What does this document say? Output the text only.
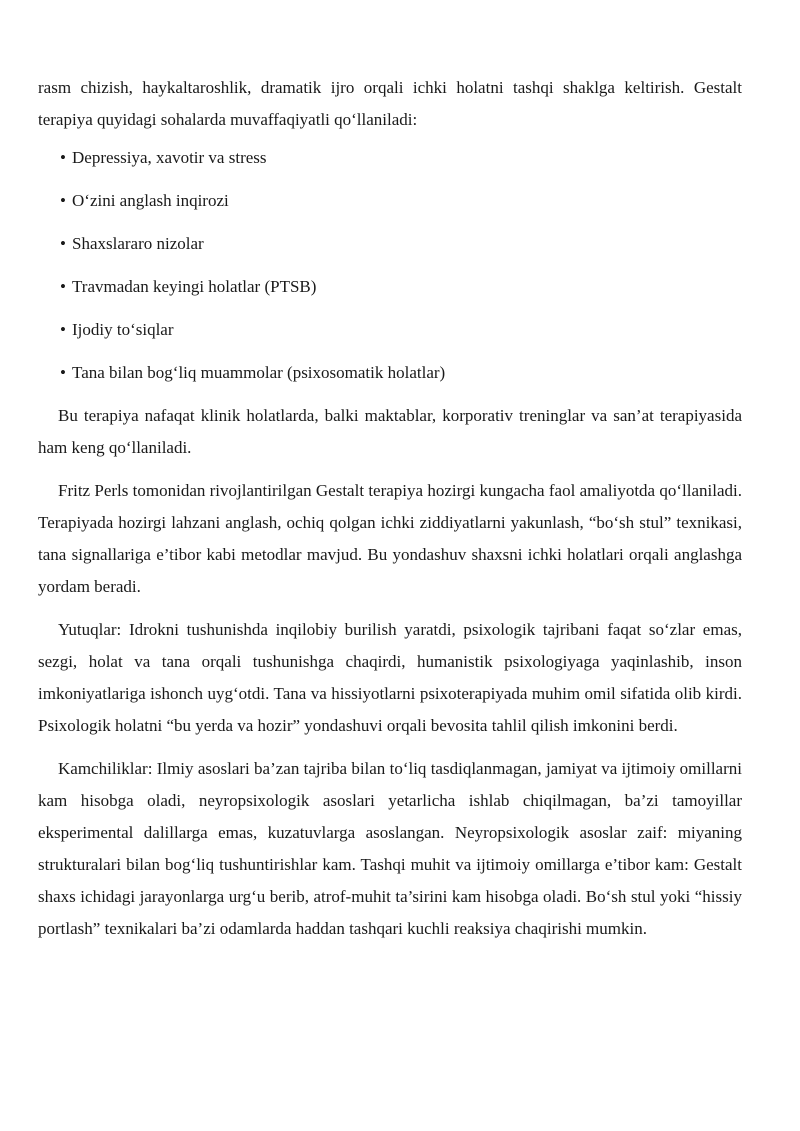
rasm chizish, haykaltaroshlik, dramatik ijro orqali ichki holatni tashqi shaklga keltirish. Gestalt terapiya quyidagi sohalarda muvaffaqiyatli qo‘llaniladi:

• Depressiya, xavotir va stress
• O‘zini anglash inqirozi
• Shaxslararo nizolar
• Travmadan keyingi holatlar (PTSB)
• Ijodiy to‘siqlar
• Tana bilan bog‘liq muammolar (psixosomatik holatlar)

Bu terapiya nafaqat klinik holatlarda, balki maktablar, korporativ treninglar va san’at terapiyasida ham keng qo‘llaniladi.

Fritz Perls tomonidan rivojlantirilgan Gestalt terapiya hozirgi kungacha faol amaliyotda qo‘llaniladi. Terapiyada hozirgi lahzani anglash, ochiq qolgan ichki ziddiyatlarni yakunlash, “bo‘sh stul” texnikasi, tana signallariga e’tibor kabi metodlar mavjud. Bu yondashuv shaxsni ichki holatlari orqali anglashga yordam beradi.

Yutuqlar: Idrokni tushunishda inqilobiy burilish yaratdi, psixologik tajribani faqat so‘zlar emas, sezgi, holat va tana orqali tushunishga chaqirdi, humanistik psixologiyaga yaqinlashib, inson imkoniyatlariga ishonch uyg‘otdi. Tana va hissiyotlarni psixoterapiyada muhim omil sifatida olib kirdi. Psixologik holatni “bu yerda va hozir” yondashuvi orqali bevosita tahlil qilish imkonini berdi.

Kamchiliklar: Ilmiy asoslari ba’zan tajriba bilan to‘liq tasdiqlanmagan, jamiyat va ijtimoiy omillarni kam hisobga oladi, neyropsixologik asoslari yetarlicha ishlab chiqilmagan, ba’zi tamoyillar eksperimental dalillarga emas, kuzatuvlarga asoslangan. Neyropsixologik asoslar zaif: miyaning strukturalari bilan bog‘liq tushuntirishlar kam. Tashqi muhit va ijtimoiy omillarga e’tibor kam: Gestalt shaxs ichidagi jarayonlarga urg‘u berib, atrof-muhit ta’sirini kam hisobga oladi. Bo‘sh stul yoki “hissiy portlash” texnikalari ba’zi odamlarda haddan tashqari kuchli reaksiya chaqirishi mumkin.
